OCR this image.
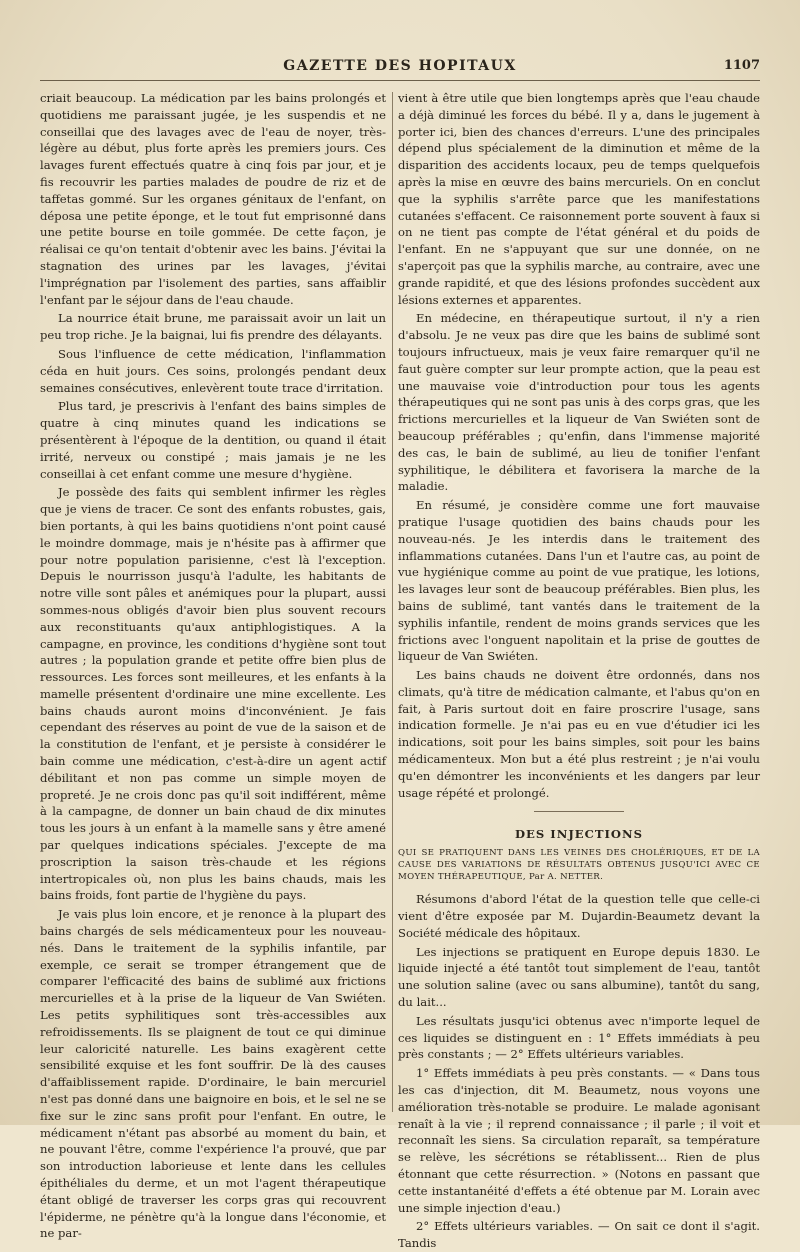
GAZETTE DES HOPITAUX	1107

criait beaucoup. La médication par les bains prolongés et quotidiens me paraissant jugée, je les suspendis et ne conseillai que des lavages avec de l'eau de noyer, très-légère au début, plus forte après les premiers jours. Ces lavages furent effectués quatre à cinq fois par jour, et je fis recouvrir les parties malades de poudre de riz et de taffetas gommé. Sur les organes génitaux de l'enfant, on déposa une petite éponge, et le tout fut emprisonné dans une petite bourse en toile gommée. De cette façon, je réalisai ce qu'on tentait d'obtenir avec les bains. J'évitai la stagnation des urines par les lavages, j'évitai l'imprégnation par l'isolement des parties, sans affaiblir l'enfant par le séjour dans de l'eau chaude.

La nourrice était brune, me paraissait avoir un lait un peu trop riche. Je la baignai, lui fis prendre des délayants.

Sous l'influence de cette médication, l'inflammation céda en huit jours. Ces soins, prolongés pendant deux semaines consécutives, enlevèrent toute trace d'irritation.

Plus tard, je prescrivis à l'enfant des bains simples de quatre à cinq minutes quand les indications se présentèrent à l'époque de la dentition, ou quand il était irrité, nerveux ou constipé ; mais jamais je ne les conseillai à cet enfant comme une mesure d'hygiène.

Je possède des faits qui semblent infirmer les règles que je viens de tracer. Ce sont des enfants robustes, gais, bien portants, à qui les bains quotidiens n'ont point causé le moindre dommage, mais je n'hésite pas à affirmer que pour notre population parisienne, c'est là l'exception. Depuis le nourrisson jusqu'à l'adulte, les habitants de notre ville sont pâles et anémiques pour la plupart, aussi sommes-nous obligés d'avoir bien plus souvent recours aux reconstituants qu'aux antiphlogistiques. A la campagne, en province, les conditions d'hygiène sont tout autres ; la population grande et petite offre bien plus de ressources. Les forces sont meilleures, et les enfants à la mamelle présentent d'ordinaire une mine excellente. Les bains chauds auront moins d'inconvénient. Je fais cependant des réserves au point de vue de la saison et de la constitution de l'enfant, et je persiste à considérer le bain comme une médication, c'est-à-dire un agent actif débilitant et non pas comme un simple moyen de propreté. Je ne crois donc pas qu'il soit indifférent, même à la campagne, de donner un bain chaud de dix minutes tous les jours à un enfant à la mamelle sans y être amené par quelques indications spéciales. J'excepte de ma proscription la saison très-chaude et les régions intertropicales où, non plus les bains chauds, mais les bains froids, font partie de l'hygiène du pays.

Je vais plus loin encore, et je renonce à la plupart des bains chargés de sels médicamenteux pour les nouveau-nés. Dans le traitement de la syphilis infantile, par exemple, ce serait se tromper étrangement que de comparer l'efficacité des bains de sublimé aux frictions mercurielles et à la prise de la liqueur de Van Swiéten. Les petits syphilitiques sont très-accessibles aux refroidissements. Ils se plaignent de tout ce qui diminue leur caloricité naturelle. Les bains exagèrent cette sensibilité exquise et les font souffrir. De là des causes d'affaiblissement rapide. D'ordinaire, le bain mercuriel n'est pas donné dans une baignoire en bois, et le sel ne se fixe sur le zinc sans profit pour l'enfant. En outre, le médicament n'étant pas absorbé au moment du bain, et ne pouvant l'être, comme l'expérience l'a prouvé, que par son introduction laborieuse et lente dans les cellules épithéliales du derme, et un mot l'agent thérapeutique étant obligé de traverser les corps gras qui recouvrent l'épiderme, ne pénètre qu'à la longue dans l'économie, et ne par-

vient à être utile que bien longtemps après que l'eau chaude a déjà diminué les forces du bébé. Il y a, dans le jugement à porter ici, bien des chances d'erreurs. L'une des principales dépend plus spécialement de la diminution et même de la disparition des accidents locaux, peu de temps quelquefois après la mise en œuvre des bains mercuriels. On en conclut que la syphilis s'arrête parce que les manifestations cutanées s'effacent. Ce raisonnement porte souvent à faux si on ne tient pas compte de l'état général et du poids de l'enfant. En ne s'appuyant que sur une donnée, on ne s'aperçoit pas que la syphilis marche, au contraire, avec une grande rapidité, et que des lésions profondes succèdent aux lésions externes et apparentes.

En médecine, en thérapeutique surtout, il n'y a rien d'absolu. Je ne veux pas dire que les bains de sublimé sont toujours infructueux, mais je veux faire remarquer qu'il ne faut guère compter sur leur prompte action, que la peau est une mauvaise voie d'introduction pour tous les agents thérapeutiques qui ne sont pas unis à des corps gras, que les frictions mercurielles et la liqueur de Van Swiéten sont de beaucoup préférables ; qu'enfin, dans l'immense majorité des cas, le bain de sublimé, au lieu de tonifier l'enfant syphilitique, le débilitera et favorisera la marche de la maladie.

En résumé, je considère comme une fort mauvaise pratique l'usage quotidien des bains chauds pour les nouveau-nés. Je les interdis dans le traitement des inflammations cutanées. Dans l'un et l'autre cas, au point de vue hygiénique comme au point de vue pratique, les lotions, les lavages leur sont de beaucoup préférables. Bien plus, les bains de sublimé, tant vantés dans le traitement de la syphilis infantile, rendent de moins grands services que les frictions avec l'onguent napolitain et la prise de gouttes de liqueur de Van Swiéten.

Les bains chauds ne doivent être ordonnés, dans nos climats, qu'à titre de médication calmante, et l'abus qu'on en fait, à Paris surtout doit en faire proscrire l'usage, sans indication formelle. Je n'ai pas eu en vue d'étudier ici les indications, soit pour les bains simples, soit pour les bains médicamenteux. Mon but a été plus restreint ; je n'ai voulu qu'en démontrer les inconvénients et les dangers par leur usage répété et prolongé.

DES INJECTIONS

QUI SE PRATIQUENT DANS LES VEINES DES CHOLÉRIQUES, ET DE LA CAUSE DES VARIATIONS DE RÉSULTATS OBTENUS JUSQU'ICI AVEC CE MOYEN THÉRAPEUTIQUE, Par A. NETTER.

Résumons d'abord l'état de la question telle que celle-ci vient d'être exposée par M. Dujardin-Beaumetz devant la Société médicale des hôpitaux.

Les injections se pratiquent en Europe depuis 1830. Le liquide injecté a été tantôt tout simplement de l'eau, tantôt une solution saline (avec ou sans albumine), tantôt du sang, du lait...

Les résultats jusqu'ici obtenus avec n'importe lequel de ces liquides se distinguent en : 1° Effets immédiats à peu près constants ; — 2° Effets ultérieurs variables.

1° Effets immédiats à peu près constants. — « Dans tous les cas d'injection, dit M. Beaumetz, nous voyons une amélioration très-notable se produire. Le malade agonisant renaît à la vie ; il reprend connaissance ; il parle ; il voit et reconnaît les siens. Sa circulation reparaît, sa température se relève, les sécrétions se rétablissent... Rien de plus étonnant que cette résurrection. » (Notons en passant que cette instantanéité d'effets a été obtenue par M. Lorain avec une simple injection d'eau.)

2° Effets ultérieurs variables. — On sait ce dont il s'agit. Tandis
